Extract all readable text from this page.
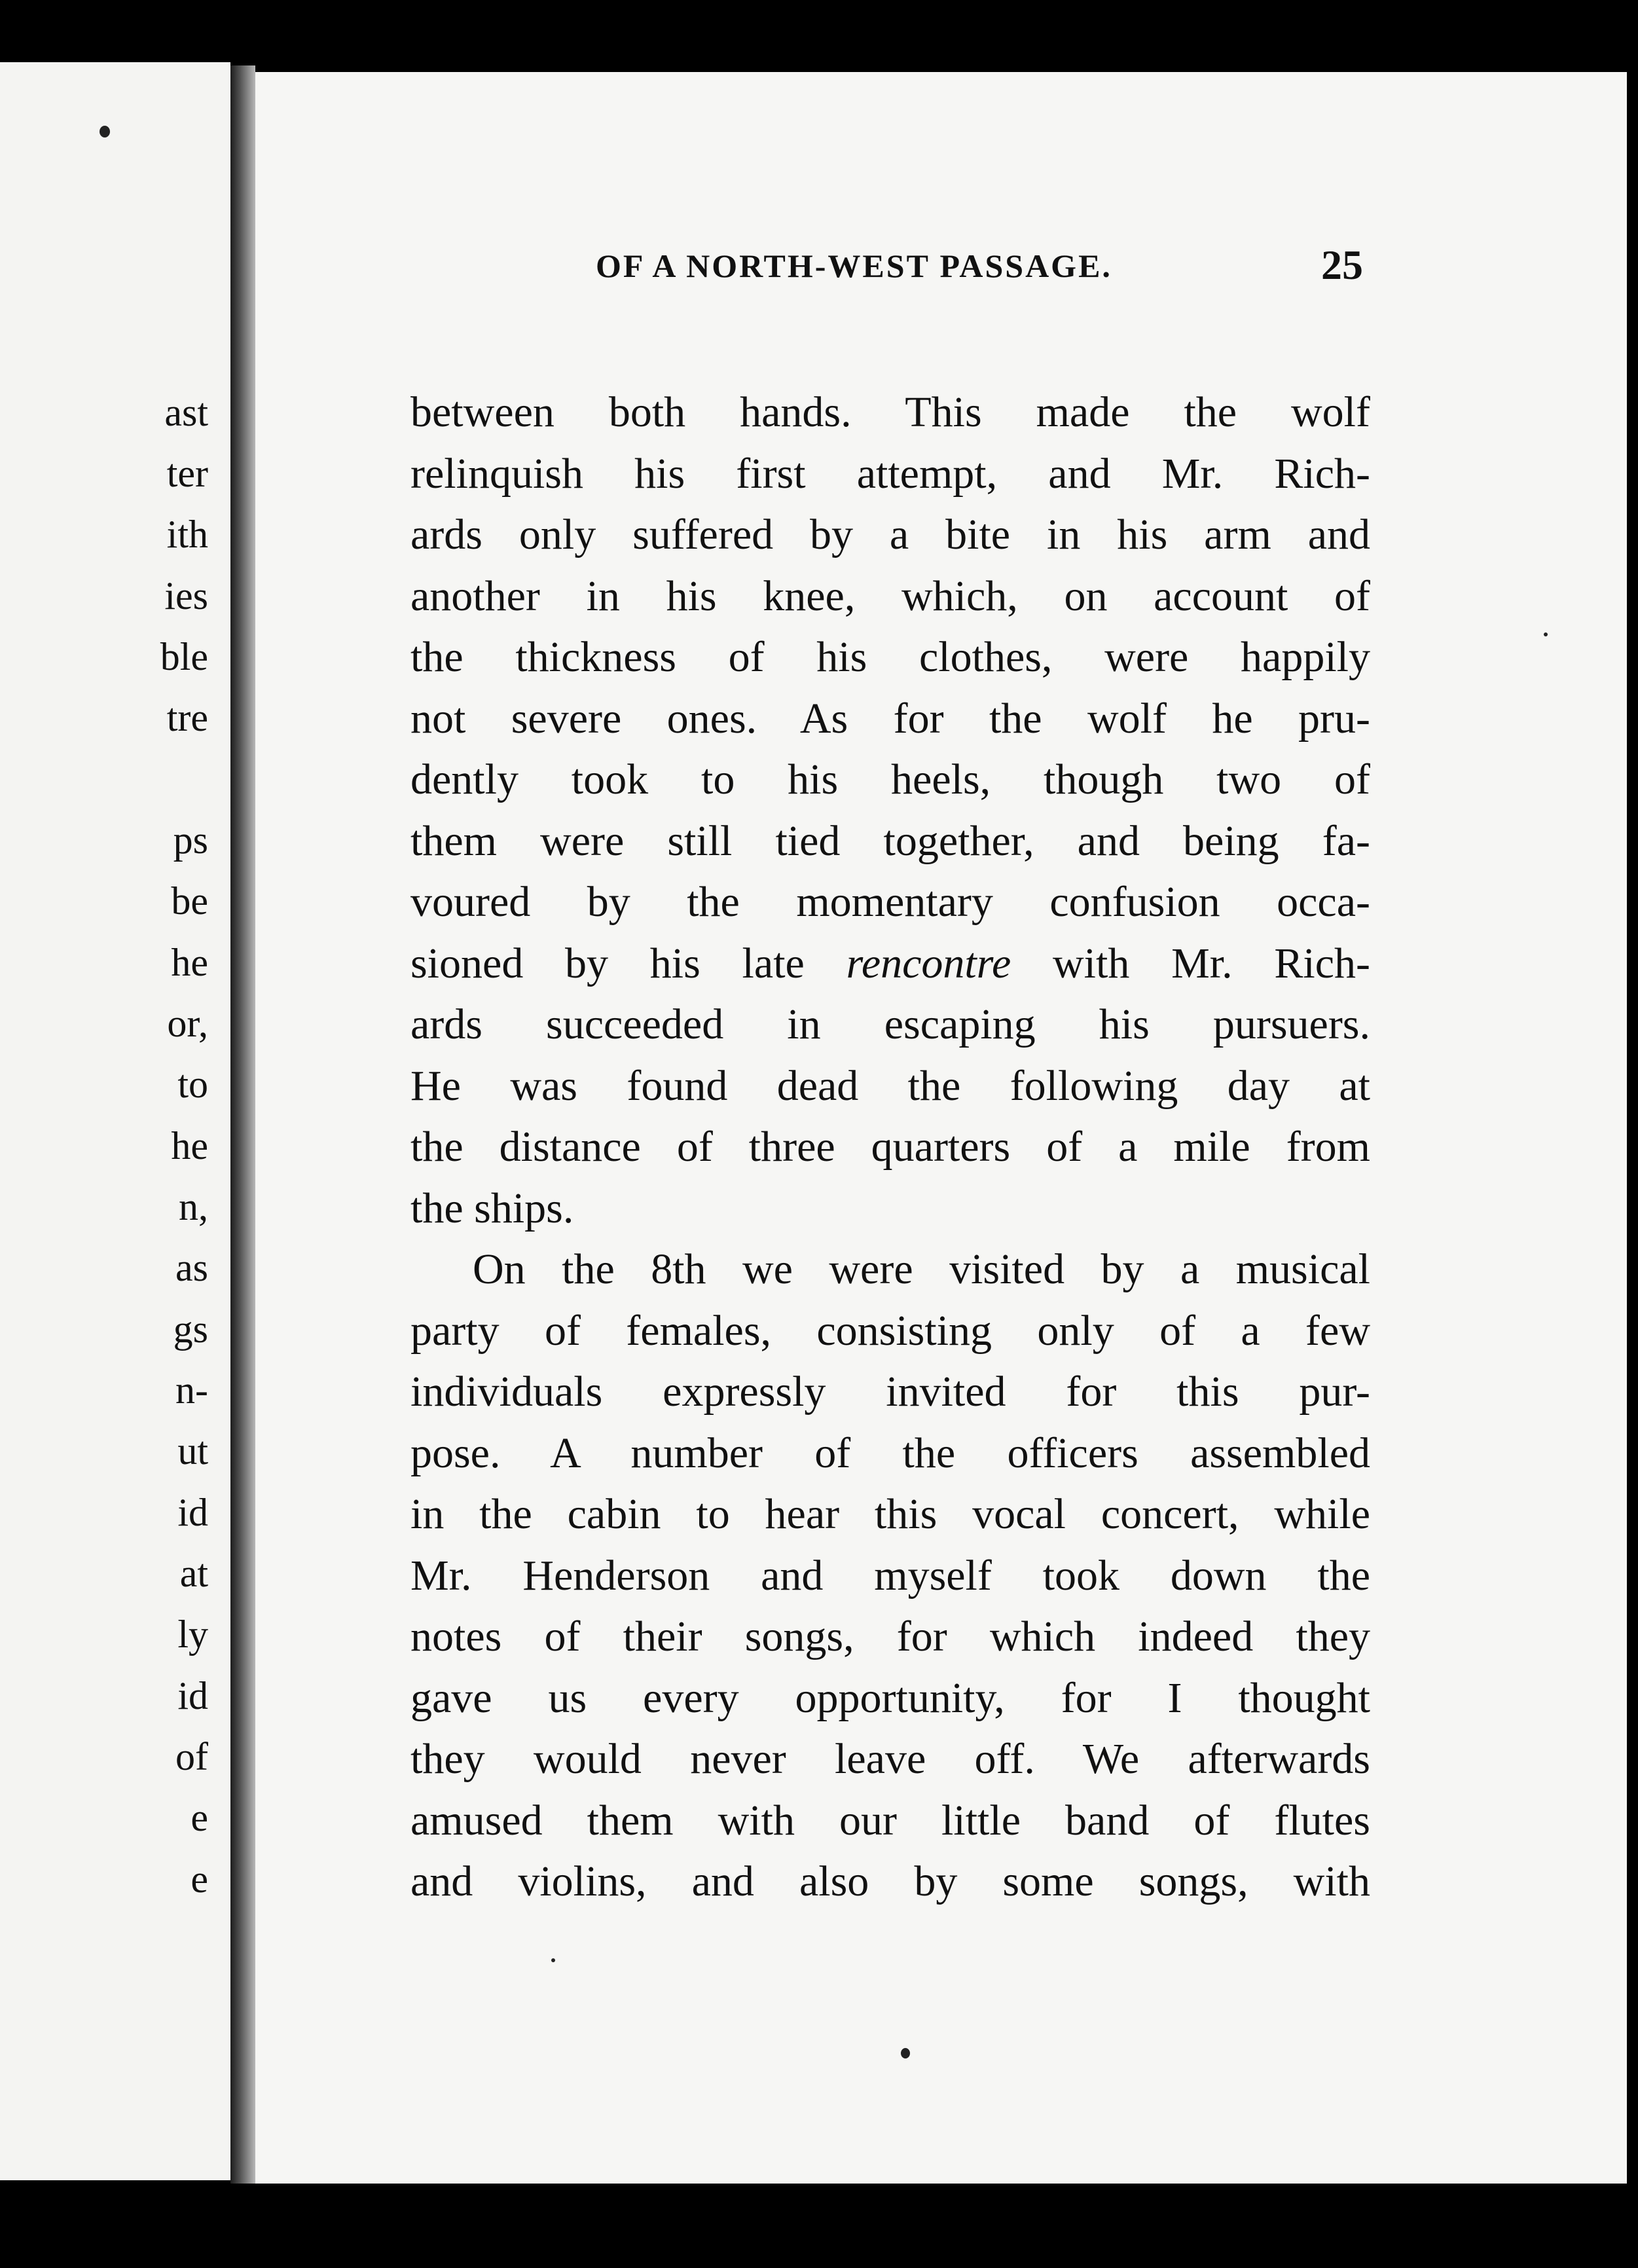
ast
ter
ith
ies
ble
tre
ps
be
he
or,
to
he
n,
as
gs
n-
ut
id
at
ly
id
of
e
e
OF A NORTH-WEST PASSAGE.	25
between both hands. This made the wolf
relinquish his first attempt, and Mr. Rich-
ards only suffered by a bite in his arm and
another in his knee, which, on account of
the thickness of his clothes, were happily
not severe ones. As for the wolf he pru-
dently took to his heels, though two of
them were still tied together, and being fa-
voured by the momentary confusion occa-
sioned by his late rencontre with Mr. Rich-
ards succeeded in escaping his pursuers.
He was found dead the following day at
the distance of three quarters of a mile from
the ships.
On the 8th we were visited by a musical
party of females, consisting only of a few
individuals expressly invited for this pur-
pose. A number of the officers assembled
in the cabin to hear this vocal concert, while
Mr. Henderson and myself took down the
notes of their songs, for which indeed they
gave us every opportunity, for I thought
they would never leave off. We afterwards
amused them with our little band of flutes
and violins, and also by some songs, with
